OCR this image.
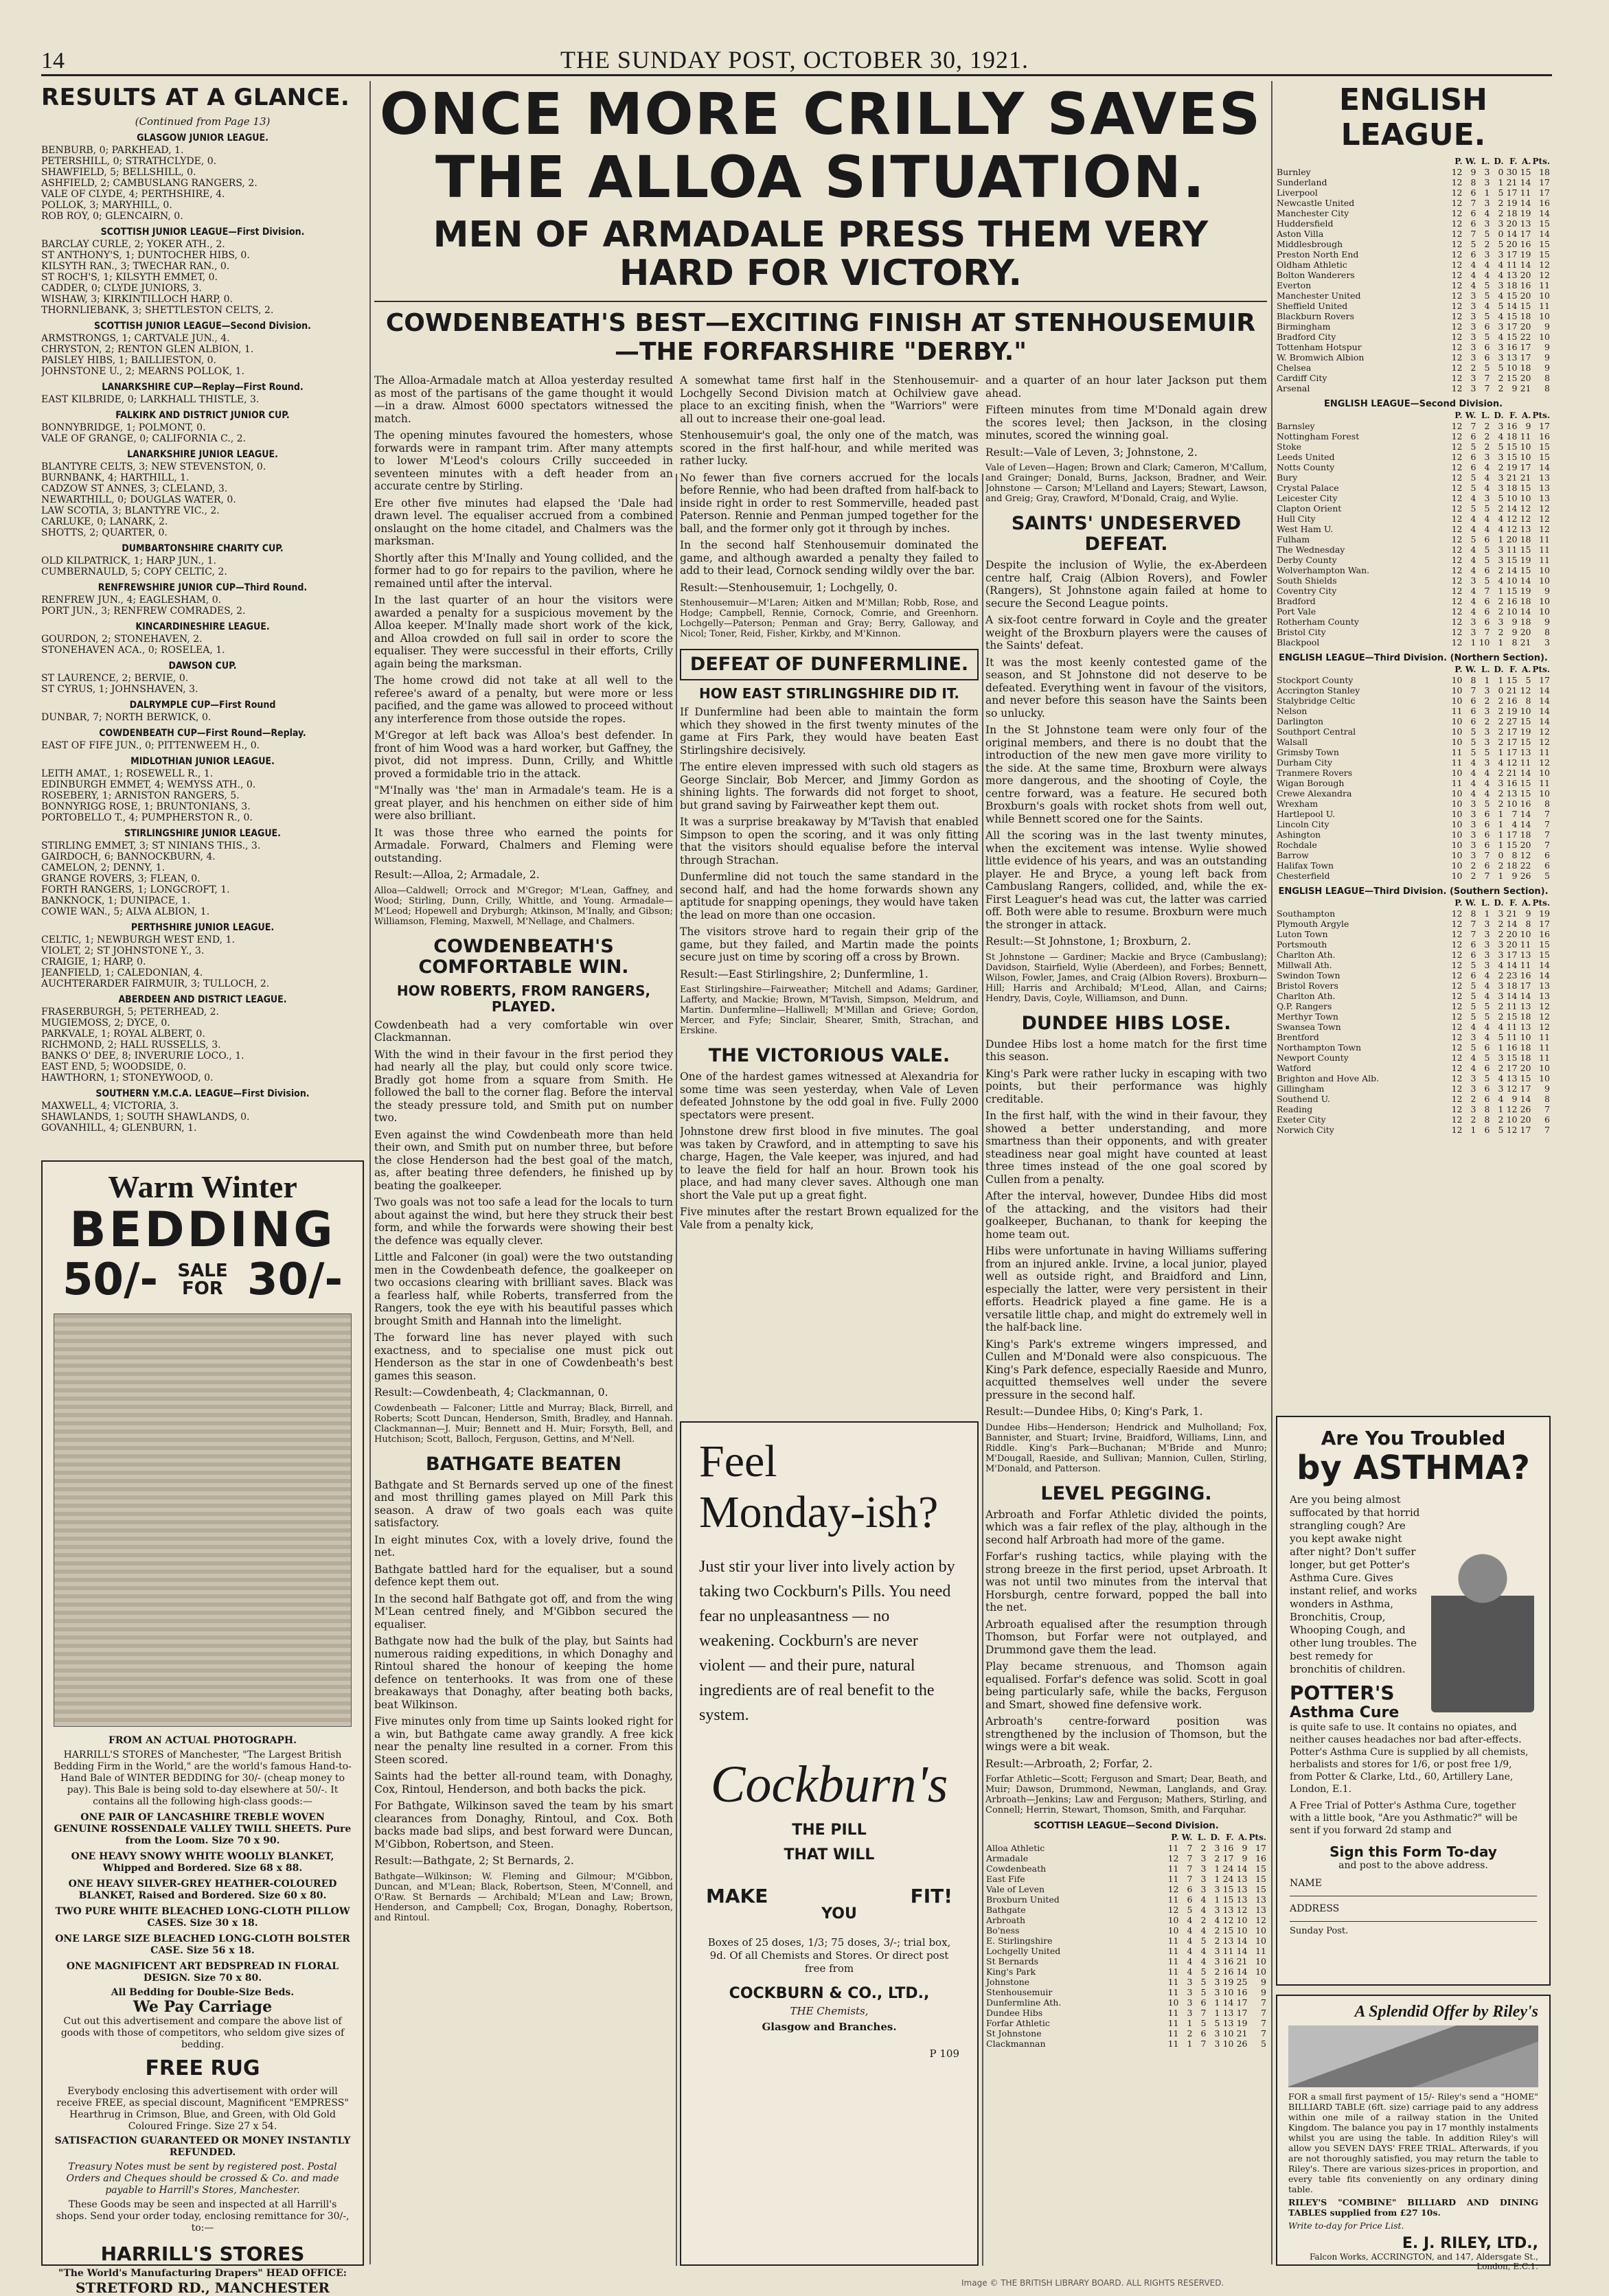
14	THE SUNDAY POST, OCTOBER 30, 1921.
RESULTS AT A GLANCE.
(Continued from Page 13)
GLASGOW JUNIOR LEAGUE.

BENBURB, 0; PARKHEAD, 1.

PETERSHILL, 0; STRATHCLYDE, 0.

SHAWFIELD, 5; BELLSHILL, 0.

ASHFIELD, 2; CAMBUSLANG RANGERS, 2.

VALE OF CLYDE, 4; PERTHSHIRE, 4.

POLLOK, 3; MARYHILL, 0.

ROB ROY, 0; GLENCAIRN, 0.

SCOTTISH JUNIOR LEAGUE—First Division.

BARCLAY CURLE, 2; YOKER ATH., 2.

ST ANTHONY'S, 1; DUNTOCHER HIBS, 0.

KILSYTH RAN., 3; TWECHAR RAN., 0.

ST ROCH'S, 1; KILSYTH EMMET, 0.

CADDER, 0; CLYDE JUNIORS, 3.

WISHAW, 3; KIRKINTILLOCH HARP, 0.

THORNLIEBANK, 3; SHETTLESTON CELTS, 2.

SCOTTISH JUNIOR LEAGUE—Second Division.

ARMSTRONGS, 1; CARTVALE JUN., 4.

CHRYSTON, 2; RENTON GLEN ALBION, 1.

PAISLEY HIBS, 1; BAILLIESTON, 0.

JOHNSTONE U., 2; MEARNS POLLOK, 1.

LANARKSHIRE CUP—Replay—First Round.

EAST KILBRIDE, 0; LARKHALL THISTLE, 3.

FALKIRK AND DISTRICT JUNIOR CUP.

BONNYBRIDGE, 1; POLMONT, 0.

VALE OF GRANGE, 0; CALIFORNIA C., 2.

LANARKSHIRE JUNIOR LEAGUE.

BLANTYRE CELTS, 3; NEW STEVENSTON, 0.

BURNBANK, 4; HARTHILL, 1.

CADZOW ST ANNES, 3; CLELAND, 3.

NEWARTHILL, 0; DOUGLAS WATER, 0.

LAW SCOTIA, 3; BLANTYRE VIC., 2.

CARLUKE, 0; LANARK, 2.

SHOTTS, 2; QUARTER, 0.

DUMBARTONSHIRE CHARITY CUP.

OLD KILPATRICK, 1; HARP JUN., 1.

CUMBERNAULD, 5; COPY CELTIC, 2.

RENFREWSHIRE JUNIOR CUP—Third Round.

RENFREW JUN., 4; EAGLESHAM, 0.

PORT JUN., 3; RENFREW COMRADES, 2.

KINCARDINESHIRE LEAGUE.

GOURDON, 2; STONEHAVEN, 2.

STONEHAVEN ACA., 0; ROSELEA, 1.

DAWSON CUP.

ST LAURENCE, 2; BERVIE, 0.

ST CYRUS, 1; JOHNSHAVEN, 3.

DALRYMPLE CUP—First Round

DUNBAR, 7; NORTH BERWICK, 0.

COWDENBEATH CUP—First Round—Replay.

EAST OF FIFE JUN., 0; PITTENWEEM H., 0.

MIDLOTHIAN JUNIOR LEAGUE.

LEITH AMAT., 1; ROSEWELL R., 1.

EDINBURGH EMMET, 4; WEMYSS ATH., 0.

ROSEBERY, 1; ARNISTON RANGERS, 5.

BONNYRIGG ROSE, 1; BRUNTONIANS, 3.

PORTOBELLO T., 4; PUMPHERSTON R., 0.

STIRLINGSHIRE JUNIOR LEAGUE.

STIRLING EMMET, 3; ST NINIANS THIS., 3.

GAIRDOCH, 6; BANNOCKBURN, 4.

CAMELON, 2; DENNY, 1.

GRANGE ROVERS, 3; FLEAN, 0.

FORTH RANGERS, 1; LONGCROFT, 1.

BANKNOCK, 1; DUNIPACE, 1.

COWIE WAN., 5; ALVA ALBION, 1.

PERTHSHIRE JUNIOR LEAGUE.

CELTIC, 1; NEWBURGH WEST END, 1.

VIOLET, 2; ST JOHNSTONE Y., 3.

CRAIGIE, 1; HARP, 0.

JEANFIELD, 1; CALEDONIAN, 4.

AUCHTERARDER FAIRMUIR, 3; TULLOCH, 2.

ABERDEEN AND DISTRICT LEAGUE.

FRASERBURGH, 5; PETERHEAD, 2.

MUGIEMOSS, 2; DYCE, 0.

PARKVALE, 1; ROYAL ALBERT, 0.

RICHMOND, 2; HALL RUSSELLS, 3.

BANKS O' DEE, 8; INVERURIE LOCO., 1.

EAST END, 5; WOODSIDE, 0.

HAWTHORN, 1; STONEYWOOD, 0.

SOUTHERN Y.M.C.A. LEAGUE—First Division.

MAXWELL, 4; VICTORIA, 3.

SHAWLANDS, 1; SOUTH SHAWLANDS, 0.

GOVANHILL, 4; GLENBURN, 1.

ONCE MORE CRILLY SAVES THE ALLOA SITUATION.
MEN OF ARMADALE PRESS THEM VERY HARD FOR VICTORY.
COWDENBEATH'S BEST—EXCITING FINISH AT STENHOUSEMUIR—THE FORFARSHIRE "DERBY."

The Alloa-Armadale match at Alloa yesterday resulted as most of the partisans of the game thought it would—in a draw. Almost 6000 spectators witnessed the match.

The opening minutes favoured the homesters, whose forwards were in rampant trim. After many attempts to lower M'Leod's colours Crilly succeeded in seventeen minutes with a deft header from an accurate centre by Stirling.

Ere other five minutes had elapsed the 'Dale had drawn level. The equaliser accrued from a combined onslaught on the home citadel, and Chalmers was the marksman.

Shortly after this M'Inally and Young collided, and the former had to go for repairs to the pavilion, where he remained until after the interval.

In the last quarter of an hour the visitors were awarded a penalty for a suspicious movement by the Alloa keeper. M'Inally made short work of the kick, and Alloa crowded on full sail in order to score the equaliser. They were successful in their efforts, Crilly again being the marksman.

The home crowd did not take at all well to the referee's award of a penalty, but were more or less pacified, and the game was allowed to proceed without any interference from those outside the ropes.

M'Gregor at left back was Alloa's best defender. In front of him Wood was a hard worker, but Gaffney, the pivot, did not impress. Dunn, Crilly, and Whittle proved a formidable trio in the attack.

"M'Inally was 'the' man in Armadale's team. He is a great player, and his henchmen on either side of him were also brilliant.

It was those three who earned the points for Armadale. Forward, Chalmers and Fleming were outstanding.

Result:—Alloa, 2; Armadale, 2.

Alloa—Caldwell; Orrock and M'Gregor; M'Lean, Gaffney, and Wood; Stirling, Dunn, Crilly, Whittle, and Young. Armadale—M'Leod; Hopewell and Dryburgh; Atkinson, M'Inally, and Gibson; Williamson, Fleming, Maxwell, M'Nellage, and Chalmers.

COWDENBEATH'S COMFORTABLE WIN.
HOW ROBERTS, FROM RANGERS, PLAYED.

Cowdenbeath had a very comfortable win over Clackmannan.

With the wind in their favour in the first period they had nearly all the play, but could only score twice. Bradly got home from a square from Smith. He followed the ball to the corner flag. Before the interval the steady pressure told, and Smith put on number two.

Even against the wind Cowdenbeath more than held their own, and Smith put on number three, but before the close Henderson had the best goal of the match, as, after beating three defenders, he finished up by beating the goalkeeper.

Two goals was not too safe a lead for the locals to turn about against the wind, but here they struck their best form, and while the forwards were showing their best the defence was equally clever.

Little and Falconer (in goal) were the two outstanding men in the Cowdenbeath defence, the goalkeeper on two occasions clearing with brilliant saves. Black was a fearless half, while Roberts, transferred from the Rangers, took the eye with his beautiful passes which brought Smith and Hannah into the limelight.

The forward line has never played with such exactness, and to specialise one must pick out Henderson as the star in one of Cowdenbeath's best games this season.

Result:—Cowdenbeath, 4; Clackmannan, 0.

Cowdenbeath — Falconer; Little and Murray; Black, Birrell, and Roberts; Scott Duncan, Henderson, Smith, Bradley, and Hannah. Clackmannan—J. Muir; Bennett and H. Muir; Forsyth, Bell, and Hutchison; Scott, Balloch, Ferguson, Gettins, and M'Nell.

BATHGATE BEATEN

Bathgate and St Bernards served up one of the finest and most thrilling games played on Mill Park this season. A draw of two goals each was quite satisfactory.

In eight minutes Cox, with a lovely drive, found the net.

Bathgate battled hard for the equaliser, but a sound defence kept them out.

In the second half Bathgate got off, and from the wing M'Lean centred finely, and M'Gibbon secured the equaliser.

Bathgate now had the bulk of the play, but Saints had numerous raiding expeditions, in which Donaghy and Rintoul shared the honour of keeping the home defence on tenterhooks. It was from one of these breakaways that Donaghy, after beating both backs, beat Wilkinson.

Five minutes only from time up Saints looked right for a win, but Bathgate came away grandly. A free kick near the penalty line resulted in a corner. From this Steen scored.

Saints had the better all-round team, with Donaghy, Cox, Rintoul, Henderson, and both backs the pick.

For Bathgate, Wilkinson saved the team by his smart clearances from Donaghy, Rintoul, and Cox. Both backs made bad slips, and best forward were Duncan, M'Gibbon, Robertson, and Steen.

Result:—Bathgate, 2; St Bernards, 2.

Bathgate—Wilkinson; W. Fleming and Gilmour; M'Gibbon, Duncan, and M'Lean; Black, Robertson, Steen, M'Connell, and O'Raw. St Bernards — Archibald; M'Lean and Law; Brown, Henderson, and Campbell; Cox, Brogan, Donaghy, Robertson, and Rintoul.

A somewhat tame first half in the Stenhousemuir-Lochgelly Second Division match at Ochilview gave place to an exciting finish, when the "Warriors" were all out to increase their one-goal lead.

Stenhousemuir's goal, the only one of the match, was scored in the first half-hour, and while merited was rather lucky.

No fewer than five corners accrued for the locals before Rennie, who had been drafted from half-back to inside right in order to rest Sommerville, headed past Paterson. Rennie and Penman jumped together for the ball, and the former only got it through by inches.

In the second half Stenhousemuir dominated the game, and although awarded a penalty they failed to add to their lead, Cornock sending wildly over the bar.

Result:—Stenhousemuir, 1; Lochgelly, 0.

Stenhousemuir—M'Laren; Aitken and M'Millan; Robb, Rose, and Hodge; Campbell, Rennie, Cornock, Comrie, and Greenhorn. Lochgelly—Paterson; Penman and Gray; Berry, Galloway, and Nicol; Toner, Reid, Fisher, Kirkby, and M'Kinnon.

DEFEAT OF DUNFERMLINE.
HOW EAST STIRLINGSHIRE DID IT.

If Dunfermline had been able to maintain the form which they showed in the first twenty minutes of the game at Firs Park, they would have beaten East Stirlingshire decisively.

The entire eleven impressed with such old stagers as George Sinclair, Bob Mercer, and Jimmy Gordon as shining lights. The forwards did not forget to shoot, but grand saving by Fairweather kept them out.

It was a surprise breakaway by M'Tavish that enabled Simpson to open the scoring, and it was only fitting that the visitors should equalise before the interval through Strachan.

Dunfermline did not touch the same standard in the second half, and had the home forwards shown any aptitude for snapping openings, they would have taken the lead on more than one occasion.

The visitors strove hard to regain their grip of the game, but they failed, and Martin made the points secure just on time by scoring off a cross by Brown.

Result:—East Stirlingshire, 2; Dunfermline, 1.

East Stirlingshire—Fairweather; Mitchell and Adams; Gardiner, Lafferty, and Mackie; Brown, M'Tavish, Simpson, Meldrum, and Martin. Dunfermline—Halliwell; M'Millan and Grieve; Gordon, Mercer, and Fyfe; Sinclair, Shearer, Smith, Strachan, and Erskine.

THE VICTORIOUS VALE.

One of the hardest games witnessed at Alexandria for some time was seen yesterday, when Vale of Leven defeated Johnstone by the odd goal in five. Fully 2000 spectators were present.

Johnstone drew first blood in five minutes. The goal was taken by Crawford, and in attempting to save his charge, Hagen, the Vale keeper, was injured, and had to leave the field for half an hour. Brown took his place, and had many clever saves. Although one man short the Vale put up a great fight.

Five minutes after the restart Brown equalized for the Vale from a penalty kick,

and a quarter of an hour later Jackson put them ahead.

Fifteen minutes from time M'Donald again drew the scores level; then Jackson, in the closing minutes, scored the winning goal.

Result:—Vale of Leven, 3; Johnstone, 2.

Vale of Leven—Hagen; Brown and Clark; Cameron, M'Callum, and Grainger; Donald, Burns, Jackson, Bradner, and Weir. Johnstone — Carson; M'Lelland and Layers; Stewart, Lawson, and Greig; Gray, Crawford, M'Donald, Craig, and Wylie.

SAINTS' UNDESERVED DEFEAT.

Despite the inclusion of Wylie, the ex-Aberdeen centre half, Craig (Albion Rovers), and Fowler (Rangers), St Johnstone again failed at home to secure the Second League points.

A six-foot centre forward in Coyle and the greater weight of the Broxburn players were the causes of the Saints' defeat.

It was the most keenly contested game of the season, and St Johnstone did not deserve to be defeated. Everything went in favour of the visitors, and never before this season have the Saints been so unlucky.

In the St Johnstone team were only four of the original members, and there is no doubt that the introduction of the new men gave more virility to the side. At the same time, Broxburn were always more dangerous, and the shooting of Coyle, the centre forward, was a feature. He secured both Broxburn's goals with rocket shots from well out, while Bennett scored one for the Saints.

All the scoring was in the last twenty minutes, when the excitement was intense. Wylie showed little evidence of his years, and was an outstanding player. He and Bryce, a young left back from Cambuslang Rangers, collided, and, while the ex-First Leaguer's head was cut, the latter was carried off. Both were able to resume. Broxburn were much the stronger in attack.

Result:—St Johnstone, 1; Broxburn, 2.

St Johnstone — Gardiner; Mackie and Bryce (Cambuslang); Davidson, Stairfield, Wylie (Aberdeen), and Forbes; Bennett, Wilson, Fowler, James, and Craig (Albion Rovers). Broxburn—Hill; Harris and Archibald; M'Leod, Allan, and Cairns; Hendry, Davis, Coyle, Williamson, and Dunn.

DUNDEE HIBS LOSE.

Dundee Hibs lost a home match for the first time this season.

King's Park were rather lucky in escaping with two points, but their performance was highly creditable.

In the first half, with the wind in their favour, they showed a better understanding, and more smartness than their opponents, and with greater steadiness near goal might have counted at least three times instead of the one goal scored by Cullen from a penalty.

After the interval, however, Dundee Hibs did most of the attacking, and the visitors had their goalkeeper, Buchanan, to thank for keeping the home team out.

Hibs were unfortunate in having Williams suffering from an injured ankle. Irvine, a local junior, played well as outside right, and Braidford and Linn, especially the latter, were very persistent in their efforts. Headrick played a fine game. He is a versatile little chap, and might do extremely well in the half-back line.

King's Park's extreme wingers impressed, and Cullen and M'Donald were also conspicuous. The King's Park defence, especially Raeside and Munro, acquitted themselves well under the severe pressure in the second half.

Result:—Dundee Hibs, 0; King's Park, 1.

Dundee Hibs—Henderson; Hendrick and Mulholland; Fox, Bannister, and Stuart; Irvine, Braidford, Williams, Linn, and Riddle. King's Park—Buchanan; M'Bride and Munro; M'Dougall, Raeside, and Sullivan; Mannion, Cullen, Stirling, M'Donald, and Patterson.

LEVEL PEGGING.

Arbroath and Forfar Athletic divided the points, which was a fair reflex of the play, although in the second half Arbroath had more of the game.

Forfar's rushing tactics, while playing with the strong breeze in the first period, upset Arbroath. It was not until two minutes from the interval that Horsburgh, centre forward, popped the ball into the net.

Arbroath equalised after the resumption through Thomson, but Forfar were not outplayed, and Drummond gave them the lead.

Play became strenuous, and Thomson again equalised. Forfar's defence was solid. Scott in goal being particularly safe, while the backs, Ferguson and Smart, showed fine defensive work.

Arbroath's centre-forward position was strengthened by the inclusion of Thomson, but the wings were a bit weak.

Result:—Arbroath, 2; Forfar, 2.

Forfar Athletic—Scott; Ferguson and Smart; Dear, Beath, and Muir; Dawson, Drummond, Newman, Langlands, and Gray. Arbroath—Jenkins; Law and Ferguson; Mathers, Stirling, and Connell; Herrin, Stewart, Thomson, Smith, and Farquhar.

SCOTTISH LEAGUE—Second Division.
	P.	W.	L.	D.	F.	A.	Pts.
Alloa Athletic	11	7	2	3	16	9	17
Armadale	12	7	3	2	17	9	16
Cowdenbeath	11	7	3	1	24	14	15
East Fife	11	7	3	1	24	13	15
Vale of Leven	12	6	3	3	15	13	15
Broxburn United	11	6	4	1	15	13	13
Bathgate	12	5	4	3	13	12	13
Arbroath	10	4	2	4	12	10	12
Bo'ness	10	4	4	2	15	10	10
E. Stirlingshire	11	4	5	2	13	14	10
Lochgelly United	11	4	4	3	11	14	11
St Bernards	11	4	4	3	16	21	10
King's Park	11	4	5	2	16	14	10
Johnstone	11	3	5	3	19	25	9
Stenhousemuir	11	3	5	3	10	16	9
Dunfermline Ath.	10	3	6	1	14	17	7
Dundee Hibs	11	3	7	1	13	17	7
Forfar Athletic	11	1	5	5	13	19	7
St Johnstone	11	2	6	3	10	21	7
Clackmannan	11	1	7	3	10	26	5
ENGLISH LEAGUE.
	P.	W.	L.	D.	F.	A.	Pts.
Burnley	12	9	3	0	30	15	18
Sunderland	12	8	3	1	21	14	17
Liverpool	12	6	1	5	17	11	17
Newcastle United	12	7	3	2	19	14	16
Manchester City	12	6	4	2	18	19	14
Huddersfield	12	6	3	3	20	13	15
Aston Villa	12	7	5	0	14	17	14
Middlesbrough	12	5	2	5	20	16	15
Preston North End	12	6	3	3	17	19	15
Oldham Athletic	12	4	4	4	11	14	12
Bolton Wanderers	12	4	4	4	13	20	12
Everton	12	4	5	3	18	16	11
Manchester United	12	3	5	4	15	20	10
Sheffield United	12	3	4	5	14	15	11
Blackburn Rovers	12	3	5	4	15	18	10
Birmingham	12	3	6	3	17	20	9
Bradford City	12	3	5	4	15	22	10
Tottenham Hotspur	12	3	6	3	16	17	9
W. Bromwich Albion	12	3	6	3	13	17	9
Chelsea	12	2	5	5	10	18	9
Cardiff City	12	3	7	2	15	20	8
Arsenal	12	3	7	2	9	21	8
ENGLISH LEAGUE—Second Division.
	P.	W.	L.	D.	F.	A.	Pts.
Barnsley	12	7	2	3	16	9	17
Nottingham Forest	12	6	2	4	18	11	16
Stoke	12	5	2	5	15	10	15
Leeds United	12	6	3	3	15	10	15
Notts County	12	6	4	2	19	17	14
Bury	12	5	4	3	21	21	13
Crystal Palace	12	5	4	3	18	15	13
Leicester City	12	4	3	5	10	10	13
Clapton Orient	12	5	5	2	14	12	12
Hull City	12	4	4	4	12	12	12
West Ham U.	12	4	4	4	12	13	12
Fulham	12	5	6	1	20	18	11
The Wednesday	12	4	5	3	11	15	11
Derby County	12	4	5	3	15	19	11
Wolverhampton Wan.	12	4	6	2	14	15	10
South Shields	12	3	5	4	10	14	10
Coventry City	12	4	7	1	15	19	9
Bradford	12	4	6	2	16	18	10
Port Vale	12	4	6	2	10	14	10
Rotherham County	12	3	6	3	9	18	9
Bristol City	12	3	7	2	9	20	8
Blackpool	12	1	10	1	8	21	3
ENGLISH LEAGUE—Third Division. (Northern Section).
	P.	W.	L.	D.	F.	A.	Pts.
Stockport County	10	8	1	1	15	5	17
Accrington Stanley	10	7	3	0	21	12	14
Stalybridge Celtic	10	6	2	2	16	8	14
Nelson	11	6	3	2	19	10	14
Darlington	10	6	2	2	27	15	14
Southport Central	10	5	3	2	17	19	12
Walsall	10	5	3	2	17	15	12
Grimsby Town	11	5	5	1	17	13	11
Durham City	11	4	3	4	12	11	12
Tranmere Rovers	10	4	4	2	21	14	10
Wigan Borough	11	4	4	3	16	15	11
Crewe Alexandra	10	4	4	2	13	15	10
Wrexham	10	3	5	2	10	16	8
Hartlepool U.	10	3	6	1	7	14	7
Lincoln City	10	3	6	1	4	14	7
Ashington	10	3	6	1	17	18	7
Rochdale	10	3	6	1	15	20	7
Barrow	10	3	7	0	8	12	6
Halifax Town	10	2	6	2	18	22	6
Chesterfield	10	2	7	1	9	26	5
ENGLISH LEAGUE—Third Division. (Southern Section).
	P.	W.	L.	D.	F.	A.	Pts.
Southampton	12	8	1	3	21	9	19
Plymouth Argyle	12	7	3	2	14	8	17
Luton Town	12	7	3	2	20	10	16
Portsmouth	12	6	3	3	20	11	15
Charlton Ath.	12	6	3	3	17	13	15
Millwall Ath.	12	5	3	4	14	11	14
Swindon Town	12	6	4	2	23	16	14
Bristol Rovers	12	5	4	3	18	17	13
Charlton Ath.	12	5	4	3	14	14	13
Q.P. Rangers	12	5	5	2	11	13	12
Merthyr Town	12	5	5	2	15	18	12
Swansea Town	12	4	4	4	11	13	12
Brentford	12	3	4	5	11	10	11
Northampton Town	12	5	6	1	16	18	11
Newport County	12	4	5	3	15	18	11
Watford	12	4	6	2	17	20	10
Brighton and Hove Alb.	12	3	5	4	13	15	10
Gillingham	12	3	6	3	12	17	9
Southend U.	12	2	6	4	9	14	8
Reading	12	3	8	1	12	26	7
Exeter City	12	2	8	2	10	20	6
Norwich City	12	1	6	5	12	17	7
Warm Winter
BEDDING
50/-	SALE FOR 30/-

FROM AN ACTUAL PHOTOGRAPH.

HARRILL'S STORES of Manchester, "The Largest British Bedding Firm in the World," are the world's famous Hand-to-Hand Bale of WINTER BEDDING for 30/- (cheap money to pay). This Bale is being sold to-day elsewhere at 50/-. It contains all the following high-class goods:—

ONE PAIR OF LANCASHIRE TREBLE WOVEN GENUINE ROSSENDALE VALLEY TWILL SHEETS. Pure from the Loom. Size 70 x 90.

ONE HEAVY SNOWY WHITE WOOLLY BLANKET, Whipped and Bordered. Size 68 x 88.

ONE HEAVY SILVER-GREY HEATHER-COLOURED BLANKET, Raised and Bordered. Size 60 x 80.

TWO PURE WHITE BLEACHED LONG-CLOTH PILLOW CASES. Size 30 x 18.

ONE LARGE SIZE BLEACHED LONG-CLOTH BOLSTER CASE. Size 56 x 18.

ONE MAGNIFICENT ART BEDSPREAD IN FLORAL DESIGN. Size 70 x 80.

All Bedding for Double-Size Beds.

We Pay Carriage

Cut out this advertisement and compare the above list of goods with those of competitors, who seldom give sizes of bedding.

FREE RUG

Everybody enclosing this advertisement with order will receive FREE, as special discount, Magnificent "EMPRESS" Hearthrug in Crimson, Blue, and Green, with Old Gold Coloured Fringe. Size 27 x 54.

SATISFACTION GUARANTEED OR MONEY INSTANTLY REFUNDED.

Treasury Notes must be sent by registered post. Postal Orders and Cheques should be crossed & Co. and made payable to Harrill's Stores, Manchester.

These Goods may be seen and inspected at all Harrill's shops. Send your order today, enclosing remittance for 30/-, to:—

HARRILL'S STORES

"The World's Manufacturing Drapers" HEAD OFFICE:

STRETFORD RD., MANCHESTER

Feel
Monday-ish?
Just stir your liver into lively action by taking two Cockburn's Pills. You need fear no unpleasantness — no weakening. Cockburn's are never violent — and their pure, natural ingredients are of real benefit to the system.
Cockburn's
THE PILL
THAT WILL
MAKE
YOU
FIT!
Boxes of 25 doses, 1/3; 75 doses, 3/-; trial box, 9d. Of all Chemists and Stores. Or direct post free from
COCKBURN & CO., LTD.,
THE Chemists,
Glasgow and Branches.
P 109
Are You Troubled
by ASTHMA?
Are you being almost suffocated by that horrid strangling cough? Are you kept awake night after night? Don't suffer longer, but get Potter's Asthma Cure. Gives instant relief, and works wonders in Asthma, Bronchitis, Croup, Whooping Cough, and other lung troubles. The best remedy for bronchitis of children.
POTTER'S
Asthma Cure
is quite safe to use. It contains no opiates, and neither causes headaches nor bad after-effects. Potter's Asthma Cure is supplied by all chemists, herbalists and stores for 1/6, or post free 1/9, from Potter & Clarke, Ltd., 60, Artillery Lane, London, E.1.
A Free Trial of Potter's Asthma Cure, together with a little book, "Are you Asthmatic?" will be sent if you forward 2d stamp and
Sign this Form To-day
and post to the above address.
NAME
ADDRESS
Sunday Post.
A Splendid Offer by Riley's
FOR a small first payment of 15/- Riley's send a "HOME" BILLIARD TABLE (6ft. size) carriage paid to any address within one mile of a railway station in the United Kingdom. The balance you pay in 17 monthly instalments whilst you are using the table. In addition Riley's will allow you SEVEN DAYS' FREE TRIAL. Afterwards, if you are not thoroughly satisfied, you may return the table to Riley's. There are various sizes-prices in proportion, and every table fits conveniently on any ordinary dining table.
RILEY'S "COMBINE" BILLIARD AND DINING TABLES supplied from £27 10s.
Write to-day for Price List.
E. J. RILEY, LTD.,
Falcon Works, ACCRINGTON, and 147, Aldersgate St., London, E.C.1.
Image © THE BRITISH LIBRARY BOARD. ALL RIGHTS RESERVED.
